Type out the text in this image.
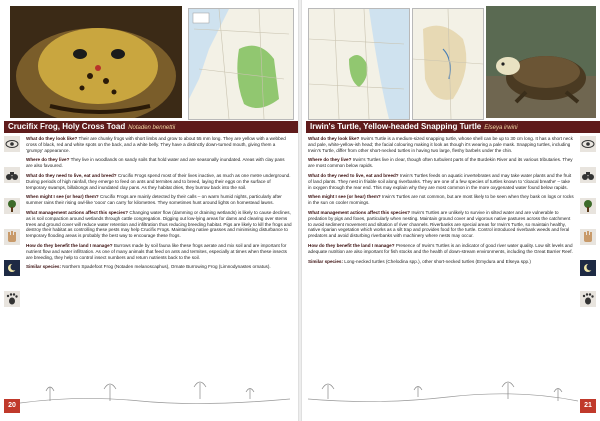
Crucifix Frog, Holy Cross Toad Notaden bennettii

What do they look like? Their are chunky frogs with short limbs and grow to about 55 mm long. They are yellow with a webbed cross of black, red and white spots on the back, and a white belly. They have a distinctly down-turned mouth, giving them a 'grumpy' appearance.

Where do they live? They live in woodlands on sandy soils that hold water and are seasonally inundated. Areas with clay pans are also favoured.

What do they need to live, eat and breed? Crucifix Frogs spend most of their lives inactive, as much as one metre underground. During periods of high rainfall, they emerge to feed on ants and termites and to breed, laying their eggs on the surface of temporary swamps, billabongs and inundated clay pans. As they habitat dries, they burrow back into the soil.

When might I see (or hear) them? Crucifix Frogs are mainly detected by their calls – on warm humid nights, particularly after summer rains their rising owl-like 'oooo' can carry for kilometres. They sometimes hunt around lights on homestead lawns.

What management actions affect this species? Changing water flow (damming or draining wetlands) is likely to cause declines, as is soil compaction around wetlands through cattle congregation. Digging out low-lying areas for dams and clearing over stems trees and ground cover will reduce water retention and infiltration thus reducing breeding habitat. Pigs are likely to kill the frogs and destroy their habitat as controlling these pests may help Crucifix Frogs. Maintaining native grasses and minimising disturbance to temporary flooding areas is probably the best way to encourage these frogs.

How do they benefit the land I manage? Burrows made by soil fauna like these frogs aerate and mix soil and are important for nutrient flow and water infiltration. As one of many animals that feed on ants and termites, especially at times when these insects are breeding, they help to control insect numbers and return nutrients back to the soil.

Similar species: Northern Spadefoot Frog (Notaden melanoscaphus), Ornate Burrowing Frog (Limnodynastes ornatus).

20
Irwin's Turtle, Yellow-headed Snapping Turtle Elseya irwini

What do they look like? Irwin's Turtle is a medium-sized snapping turtle, whose shell can be up to 30 cm long. It has a short neck and pale, white-yellow-ish head; the facial colouring making it look as though it's wearing a pale mask. Snapping turtles, including Irwin's Turtle, differ from other short-necked turtles in having two large, fleshy barbels under the chin.

Where do they live? Irwin's Turtles live in clear, though often turbulent parts of the Burdekin River and its various tributaries. They are most common below rapids.

What do they need to live, eat and breed? Irwin's Turtles feeds on aquatic invertebrates and may take water plants and the fruit of land plants. They nest in friable soil along riverbanks. They are one of a few species of turtles known to 'cloacal breathe' – take in oxygen through the rear end. This may explain why they are most common in the more oxygenated water found below rapids.

When might I see (or hear) them? Irwin's Turtles are not common, but are most likely to be seen when they bask on logs or rocks in the sun on cooler mornings.

What management actions affect this species? Irwin's Turtles are unlikely to survive in silted water and are vulnerable to predation by pigs and foxes, particularly when nesting. Maintain ground cover and vigorous native pastures across the catchment to avoid sediment movement and siltation of river channels. Riverbanks are special areas for Irwin's Turtle, so maintain healthy, native riparian vegetation which works as a silt trap and provides food for the turtle. Control introduced riverbank weeds and feral predators and avoid disturbing riverbanks with machinery where nests may occur.

How do they benefit the land I manage? Presence of Irwin's Turtles is an indicator of good river water quality. Low silt levels and adequate nutrition are also important for fish stocks and the health of down-stream environments, including the Great Barrier Reef.

Similar species: Long-necked turtles (Chelodina spp.), other short-necked turtles (Emydura and Elseya spp.)

21
